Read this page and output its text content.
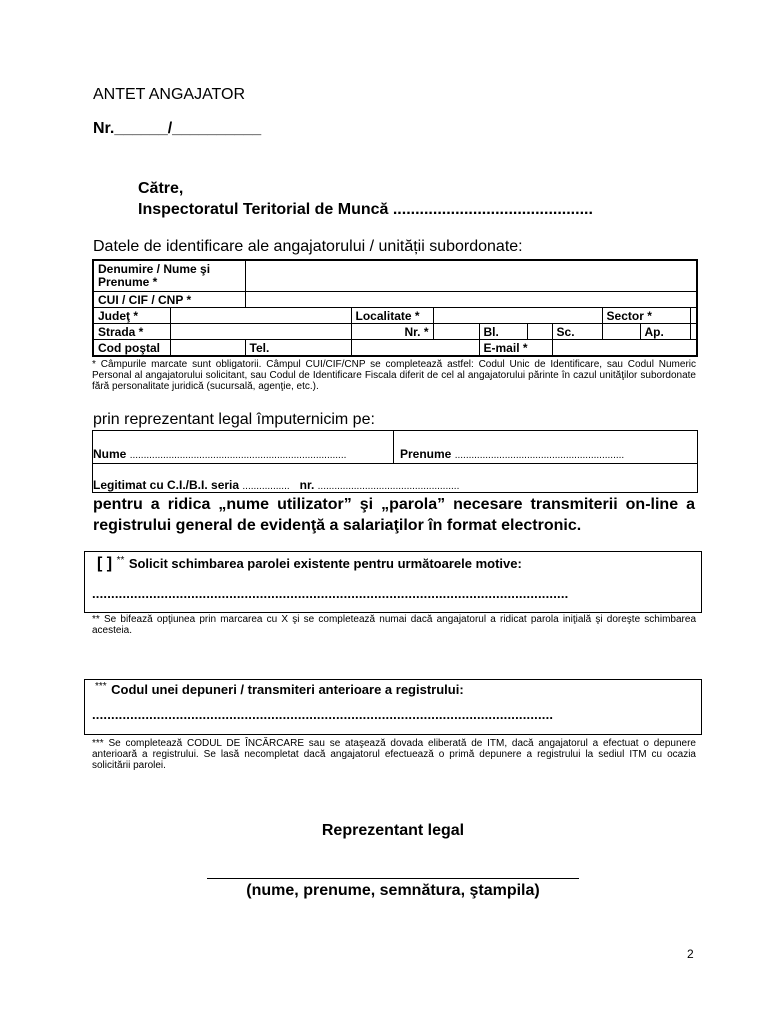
ANTET ANGAJATOR
Nr.______/__________
Către,
Inspectoratul Teritorial de Muncă .............................................
Datele de identificare ale angajatorului / unității subordonate:
Denumire / Nume şi Prenume *										
CUI / CIF / CNP *										
Judeţ *			Localitate *					Sector *		
Strada *			Nr. *		Bl.		Sc.		Ap.	
Cod poştal		Tel.			E-mail *					
* Câmpurile marcate sunt obligatorii. Câmpul CUI/CIF/CNP se completează astfel: Codul Unic de Identificare, sau Codul Numeric Personal al angajatorului solicitant, sau Codul de Identificare Fiscala diferit de cel al angajatorului părinte în cazul unităţilor subordonate fără personalitate juridică (sucursală, agenţie, etc.).
prin reprezentant legal împuternicim pe:
Nume ..............................................................................	Prenume .............................................................
Legitimat cu C.I./B.I. seria ................. nr. ...................................................
pentru a ridica „nume utilizator” şi „parola” necesare transmiterii on-line a registrului general de evidenţă a salariaţilor în format electronic.
[ ] ** Solicit schimbarea parolei existente pentru următoarele motive:
.............................................................................................................................
** Se bifează opţiunea prin marcarea cu X şi se completează numai dacă angajatorul a ridicat parola iniţială şi doreşte schimbarea acesteia.
*** Codul unei depuneri / transmiteri anterioare a registrului:
.........................................................................................................................
*** Se completează CODUL DE ÎNCĂRCARE sau se ataşează dovada eliberată de ITM, dacă angajatorul a efectuat o depunere anterioară a registrului. Se lasă necompletat dacă angajatorul efectuează o primă depunere a registrului la sediul ITM cu ocazia solicitării parolei.
Reprezentant legal
(nume, prenume, semnătura, ştampila)
2
